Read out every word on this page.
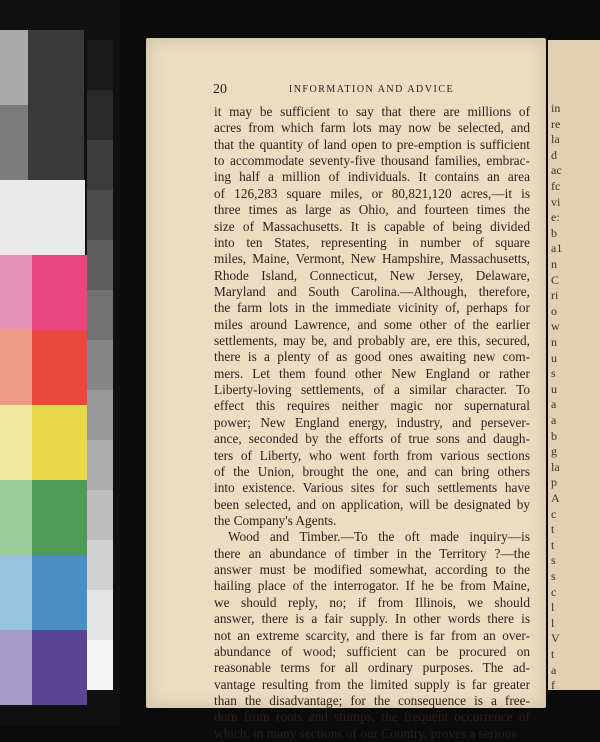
in
re
la
d
ac
fc
vi
e:
b
a1
n
C
ri
o
w
n
u
s
u
a
a
b
g
la
p
A
c
t
t
s
s
c
l
l
V
t
a
f
20	INFORMATION AND ADVICE
it may be sufficient to say that there are millions of
acres from which farm lots may now be selected, and
that the quantity of land open to pre-emption is sufficient
to accommodate seventy-five thousand families, embrac-
ing half a million of individuals. It contains an area
of 126,283 square miles, or 80,821,120 acres,—it is
three times as large as Ohio, and fourteen times the
size of Massachusetts. It is capable of being divided
into ten States, representing in number of square
miles, Maine, Vermont, New Hampshire, Massachusetts,
Rhode Island, Connecticut, New Jersey, Delaware,
Maryland and South Carolina.—Although, therefore,
the farm lots in the immediate vicinity of, perhaps for
miles around Lawrence, and some other of the earlier
settlements, may be, and probably are, ere this, secured,
there is a plenty of as good ones awaiting new com-
mers. Let them found other New England or rather
Liberty-loving settlements, of a similar character. To
effect this requires neither magic nor supernatural
power; New England energy, industry, and persever-
ance, seconded by the efforts of true sons and daugh-
ters of Liberty, who went forth from various sections
of the Union, brought the one, and can bring others
into existence. Various sites for such settlements have
been selected, and on application, will be designated by
the Company's Agents.
Wood and Timber.—To the oft made inquiry—is
there an abundance of timber in the Territory ?—the
answer must be modified somewhat, according to the
hailing place of the interrogator. If he be from Maine,
we should reply, no; if from Illinois, we should
answer, there is a fair supply. In other words there is
not an extreme scarcity, and there is far from an over-
abundance of wood; sufficient can be procured on
reasonable terms for all ordinary purposes. The ad-
vantage resulting from the limited supply is far greater
than the disadvantage; for the consequence is a free-
dom from roots and stumps, the frequent occurrence of
which, in many sections of our Country, proves a serious
